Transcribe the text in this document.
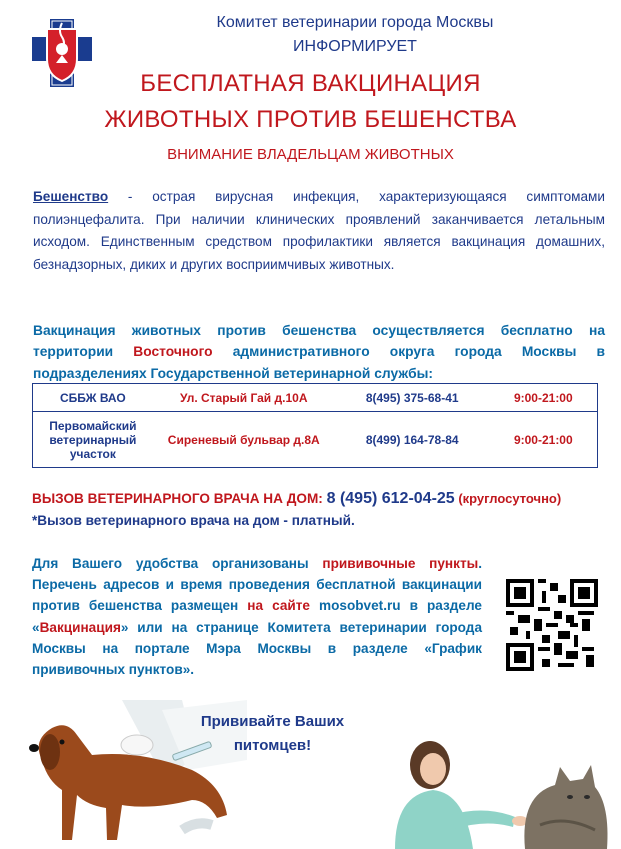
Комитет ветеринарии города Москвы
ИНФОРМИРУЕТ
БЕСПЛАТНАЯ ВАКЦИНАЦИЯ
ЖИВОТНЫХ ПРОТИВ БЕШЕНСТВА
ВНИМАНИЕ ВЛАДЕЛЬЦАМ ЖИВОТНЫХ
Бешенство - острая вирусная инфекция, характеризующаяся симптомами полиэнцефалита. При наличии клинических проявлений заканчивается летальным исходом. Единственным средством профилактики является вакцинация домашних, безнадзорных, диких и других восприимчивых животных.
Вакцинация животных против бешенства осуществляется бесплатно на территории Восточного административного округа города Москвы в подразделениях Государственной ветеринарной службы:
СББЖ ВАО	Ул. Старый Гай д.10А	8(495) 375-68-41	9:00-21:00
Первомайский ветеринарный участок	Сиреневый бульвар д.8А	8(499) 164-78-84	9:00-21:00
ВЫЗОВ ВЕТЕРИНАРНОГО ВРАЧА НА ДОМ: 8 (495) 612-04-25 (круглосуточно)
*Вызов ветеринарного врача на дом - платный.
Для Вашего удобства организованы прививочные пункты. Перечень адресов и время проведения бесплатной вакцинации против бешенства размещен на сайте mosobvet.ru в разделе «Вакцинация» или на странице Комитета ветеринарии города Москвы на портале Мэра Москвы в разделе «График прививочных пунктов».
Прививайте Ваших питомцев!
